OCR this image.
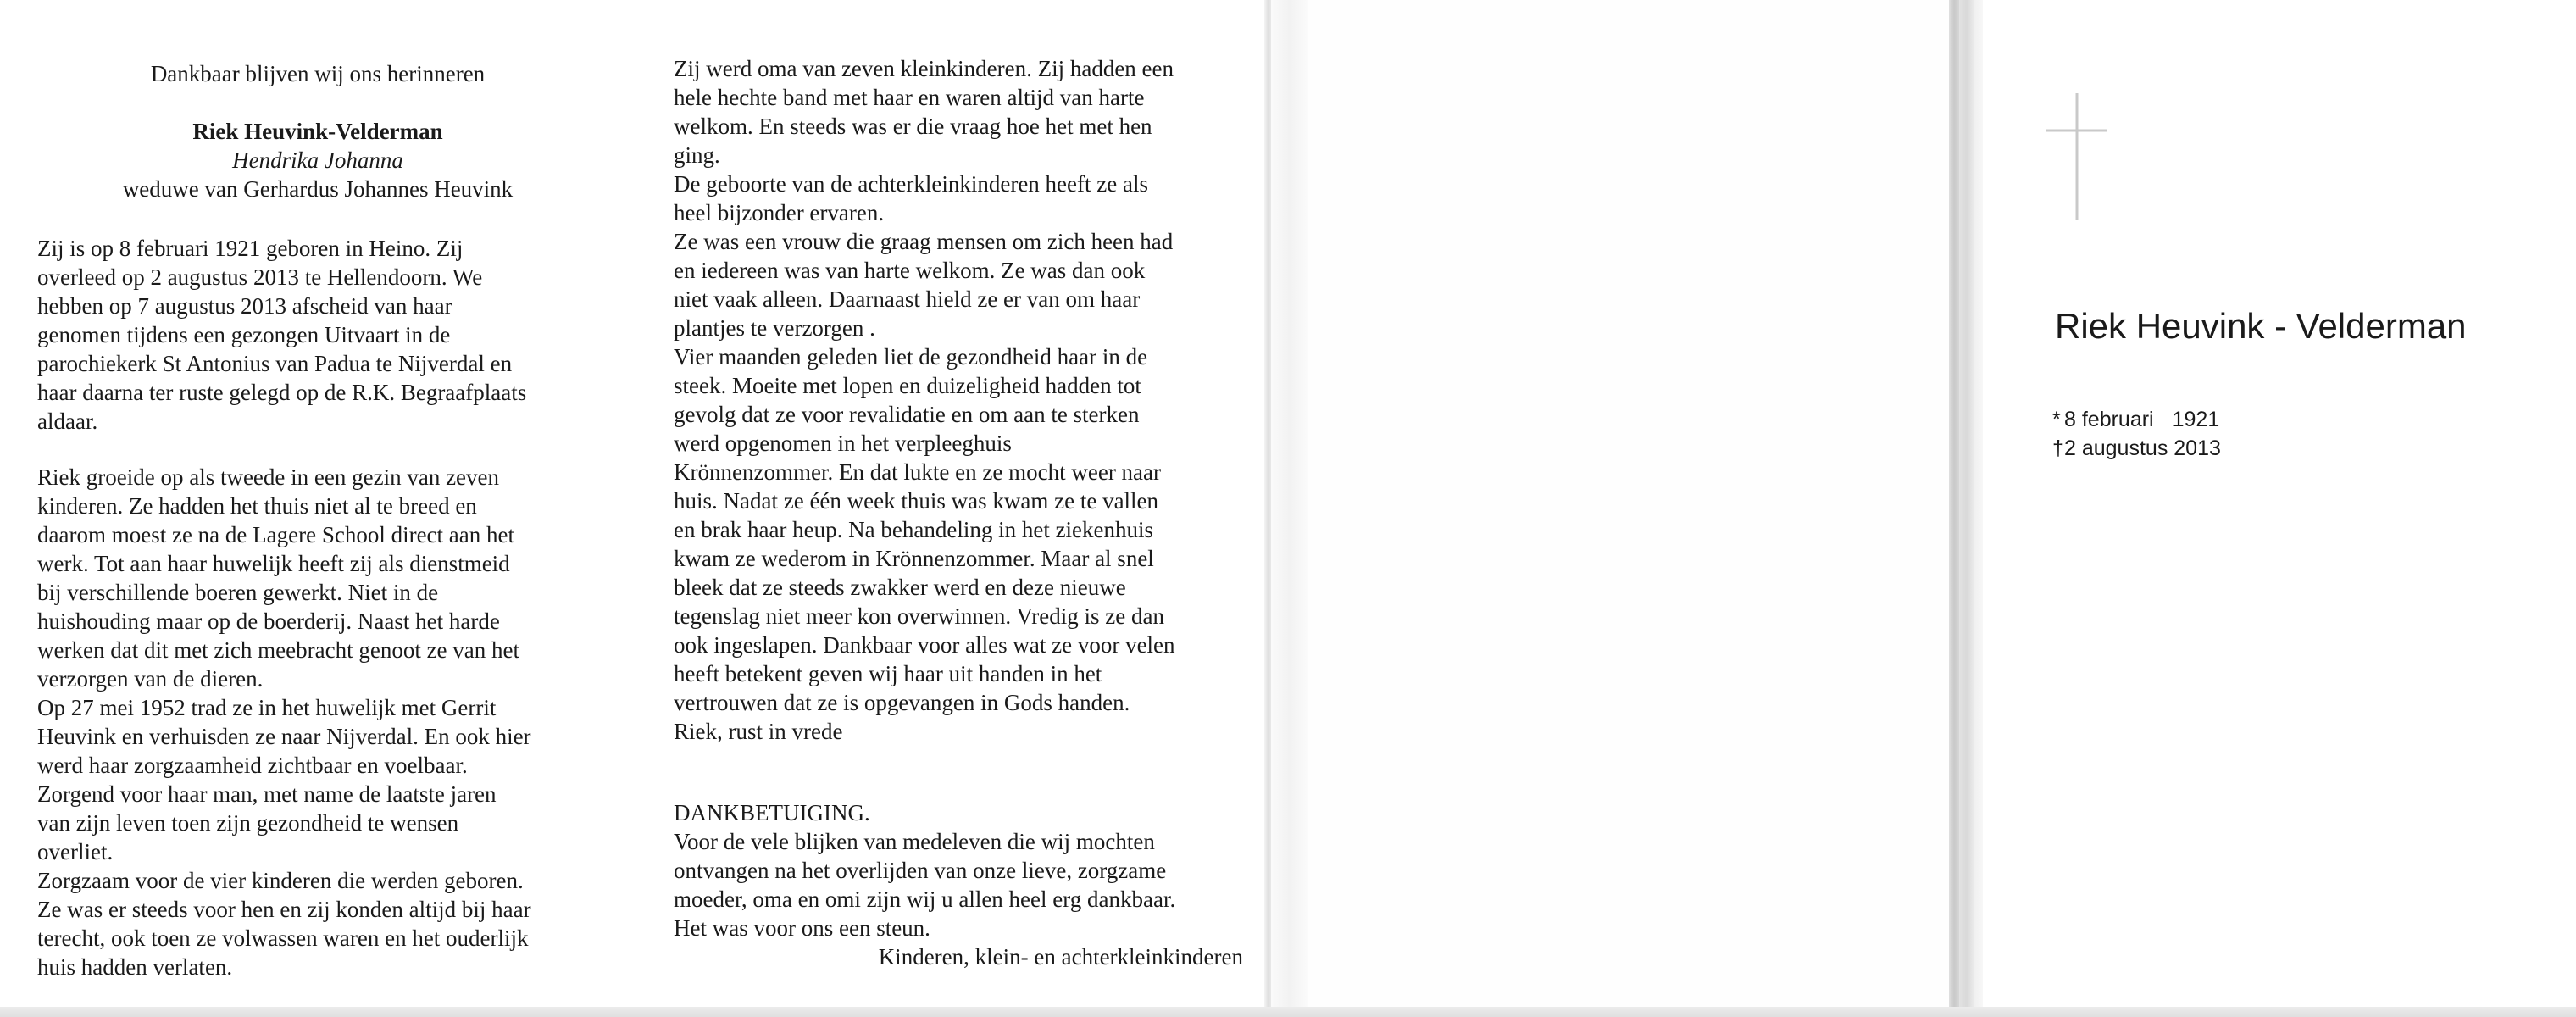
Dankbaar blijven wij ons herinneren
Riek Heuvink-Velderman
Hendrika Johanna
weduwe van Gerhardus Johannes Heuvink

Zij is op 8 februari 1921 geboren in Heino. Zij
overleed op 2 augustus 2013 te Hellendoorn. We
hebben op 7 augustus 2013 afscheid van haar
genomen tijdens een gezongen Uitvaart in de
parochiekerk St Antonius van Padua te Nijverdal en
haar daarna ter ruste gelegd op de R.K. Begraafplaats
aldaar.

Riek groeide op als tweede in een gezin van zeven
kinderen. Ze hadden het thuis niet al te breed en
daarom moest ze na de Lagere School direct aan het
werk. Tot aan haar huwelijk heeft zij als dienstmeid
bij verschillende boeren gewerkt. Niet in de
huishouding maar op de boerderij. Naast het harde
werken dat dit met zich meebracht genoot ze van het
verzorgen van de dieren.
Op 27 mei 1952 trad ze in het huwelijk met Gerrit
Heuvink en verhuisden ze naar Nijverdal. En ook hier
werd haar zorgzaamheid zichtbaar en voelbaar.
Zorgend voor haar man, met name de laatste jaren
van zijn leven toen zijn gezondheid te wensen
overliet.
Zorgzaam voor de vier kinderen die werden geboren.
Ze was er steeds voor hen en zij konden altijd bij haar
terecht, ook toen ze volwassen waren en het ouderlijk
huis hadden verlaten.

Zij werd oma van zeven kleinkinderen. Zij hadden een
hele hechte band met haar en waren altijd van harte
welkom. En steeds was er die vraag hoe het met hen
ging.
De geboorte van de achterkleinkinderen heeft ze als
heel bijzonder ervaren.
Ze was een vrouw die graag mensen om zich heen had
en iedereen was van harte welkom. Ze was dan ook
niet vaak alleen. Daarnaast hield ze er van om haar
plantjes te verzorgen .
Vier maanden geleden liet de gezondheid haar in de
steek. Moeite met lopen en duizeligheid hadden tot
gevolg dat ze voor revalidatie en om aan te sterken
werd opgenomen in het verpleeghuis
Krönnenzommer. En dat lukte en ze mocht weer naar
huis. Nadat ze één week thuis was kwam ze te vallen
en brak haar heup. Na behandeling in het ziekenhuis
kwam ze wederom in Krönnenzommer. Maar al snel
bleek dat ze steeds zwakker werd en deze nieuwe
tegenslag niet meer kon overwinnen. Vredig is ze dan
ook ingeslapen. Dankbaar voor alles wat ze voor velen
heeft betekent geven wij haar uit handen in het
vertrouwen dat ze is opgevangen in Gods handen.
Riek, rust in vrede

DANKBETUIGING.

Voor de vele blijken van medeleven die wij mochten
ontvangen na het overlijden van onze lieve, zorgzame
moeder, oma en omi zijn wij u allen heel erg dankbaar.
Het was voor ons een steun.

Kinderen, klein- en achterkleinkinderen
Riek Heuvink - Velderman
* 8 februari 1921
†2 augustus 2013
